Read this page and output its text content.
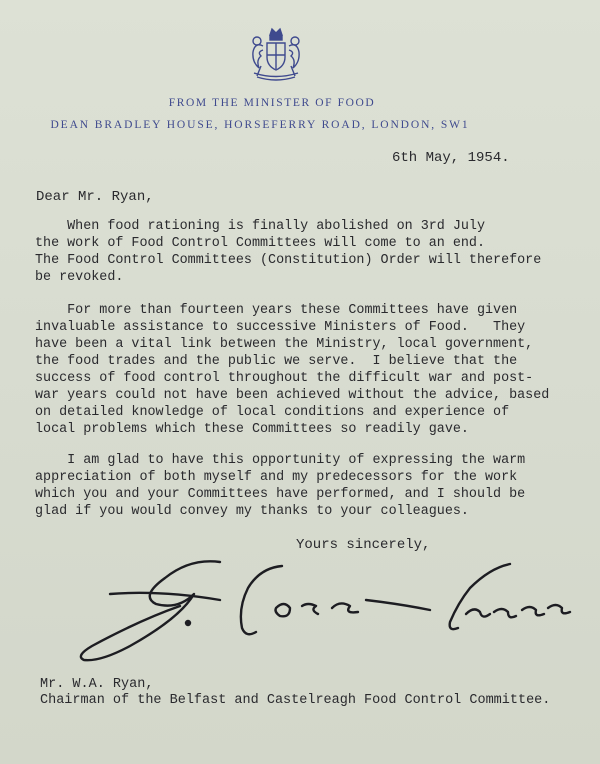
FROM THE MINISTER OF FOOD
DEAN BRADLEY HOUSE, HORSEFERRY ROAD, LONDON, SW1
6th May, 1954.
Dear Mr. Ryan,
When food rationing is finally abolished on 3rd July
the work of Food Control Committees will come to an end.
The Food Control Committees (Constitution) Order will therefore
be revoked.
For more than fourteen years these Committees have given
invaluable assistance to successive Ministers of Food.   They
have been a vital link between the Ministry, local government,
the food trades and the public we serve.  I believe that the
success of food control throughout the difficult war and post-
war years could not have been achieved without the advice, based
on detailed knowledge of local conditions and experience of
local problems which these Committees so readily gave.
I am glad to have this opportunity of expressing the warm
appreciation of both myself and my predecessors for the work
which you and your Committees have performed, and I should be
glad if you would convey my thanks to your colleagues.
Yours sincerely,
Mr. W.A. Ryan,
Chairman of the Belfast and Castelreagh Food Control Committee.
